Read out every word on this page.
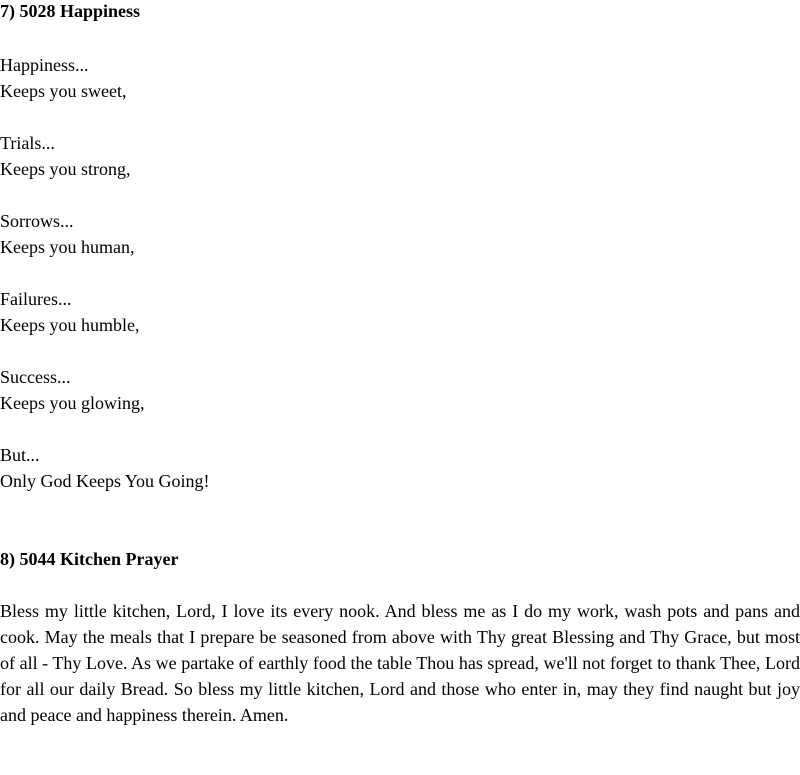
7) 5028 Happiness
Happiness...
Keeps you sweet,
Trials...
Keeps you strong,
Sorrows...
Keeps you human,
Failures...
Keeps you humble,
Success...
Keeps you glowing,
But...
Only God Keeps You Going!
8) 5044 Kitchen Prayer

Bless my little kitchen, Lord, I love its every nook. And bless me as I do my work, wash pots and pans and cook. May the meals that I prepare be seasoned from above with Thy great Blessing and Thy Grace, but most of all - Thy Love. As we partake of earthly food the table Thou has spread, we'll not forget to thank Thee, Lord for all our daily Bread. So bless my little kitchen, Lord and those who enter in, may they find naught but joy and peace and happiness therein. Amen.
